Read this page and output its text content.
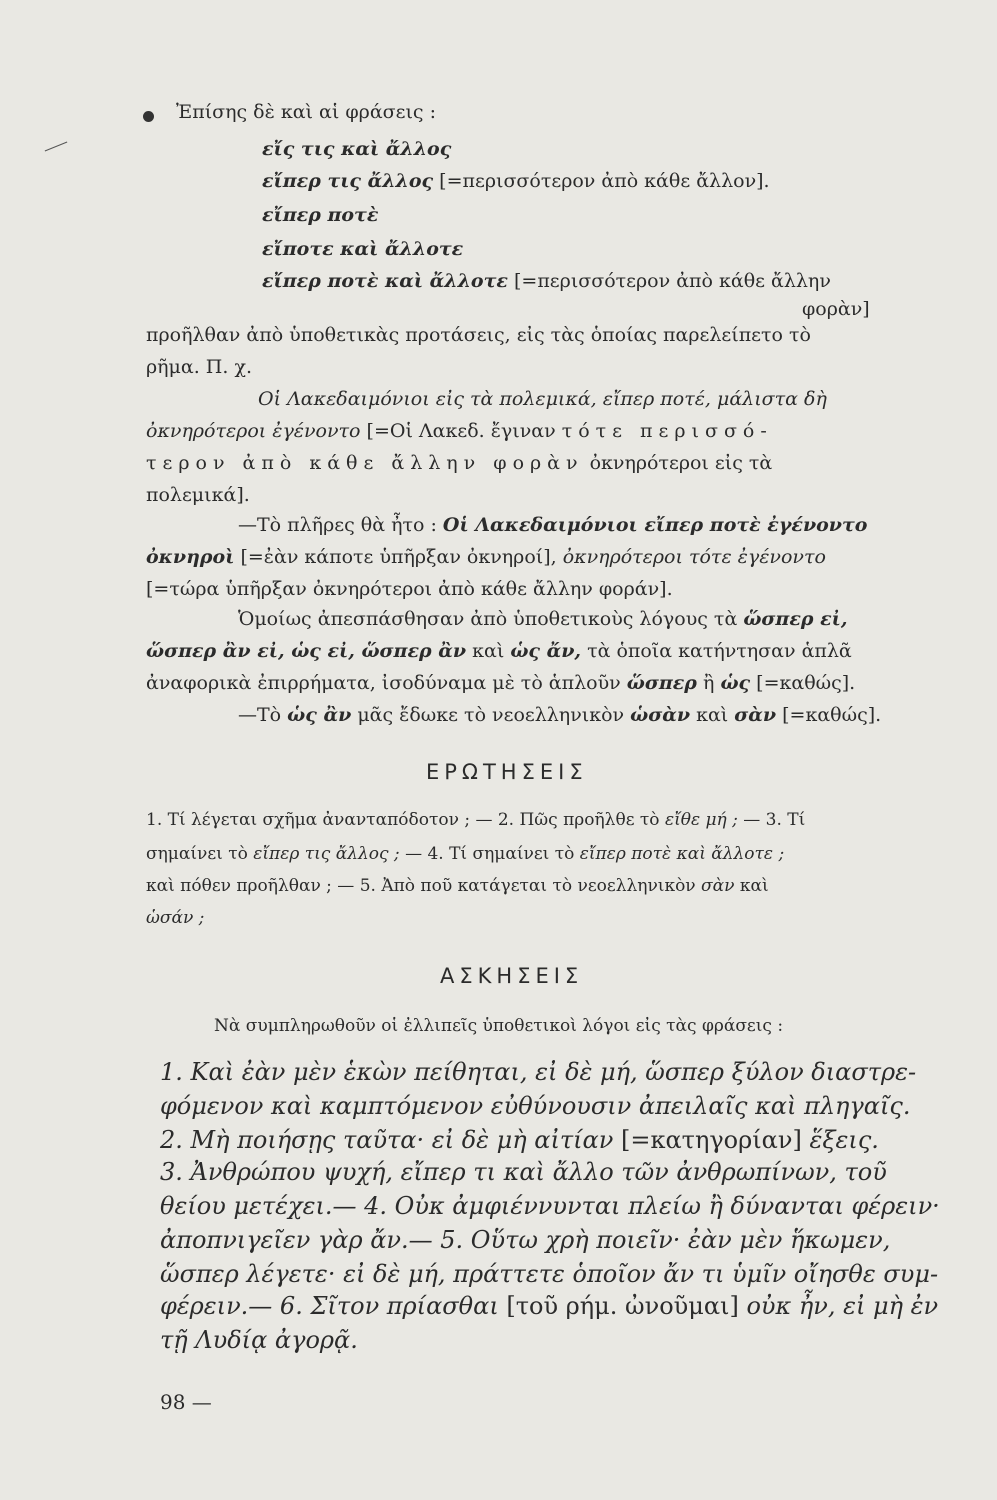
Ἐπίσης δὲ καὶ αἱ φράσεις :
εἴς τις καὶ ἄλλος
εἴπερ τις ἄλλος [=περισσότερον ἀπὸ κάθε ἄλλον].
εἴπερ ποτὲ
εἴποτε καὶ ἄλλοτε
εἴπερ ποτὲ καὶ ἄλλοτε [=περισσότερον ἀπὸ κάθε ἄλλην
φορὰν]
προῆλθαν ἀπὸ ὑποθετικὰς προτάσεις, εἰς τὰς ὁποίας παρελείπετο τὸ
ρῆμα. Π. χ.
Οἱ Λακεδαιμόνιοι εἰς τὰ πολεμικά, εἴπερ ποτέ, μάλιστα δὴ
ὀκνηρότεροι ἐγένοντο [=Οἱ Λακεδ. ἔγιναν τότε περισσό-
τερον ἀπὸ κάθε ἄλλην φορὰν ὀκνηρότεροι εἰς τὰ
πολεμικά].
—Τὸ πλῆρες θὰ ἦτο : Οἱ Λακεδαιμόνιοι εἴπερ ποτὲ ἐγένοντο
ὀκνηροὶ [=ἐὰν κάποτε ὑπῆρξαν ὀκνηροί], ὀκνηρότεροι τότε ἐγένοντο
[=τώρα ὑπῆρξαν ὀκνηρότεροι ἀπὸ κάθε ἄλλην φοράν].
Ὁμοίως ἀπεσπάσθησαν ἀπὸ ὑποθετικοὺς λόγους τὰ ὥσπερ εἰ,
ὥσπερ ἂν εἰ, ὡς εἰ, ὥσπερ ἂν καὶ ὡς ἄν, τὰ ὁποῖα κατήντησαν ἁπλᾶ
ἀναφορικὰ ἐπιρρήματα, ἰσοδύναμα μὲ τὸ ἁπλοῦν ὥσπερ ἢ ὡς [=καθώς].
—Τὸ ὡς ἂν μᾶς ἔδωκε τὸ νεοελληνικὸν ὡσὰν καὶ σὰν [=καθώς].
ΕΡΩΤΗΣΕΙΣ
1. Τί λέγεται σχῆμα ἀνανταπόδοτον ; — 2. Πῶς προῆλθε τὸ εἴθε μή ; — 3. Τί
σημαίνει τὸ εἴπερ τις ἄλλος ; — 4. Τί σημαίνει τὸ εἴπερ ποτὲ καὶ ἄλλοτε ;
καὶ πόθεν προῆλθαν ; — 5. Ἀπὸ ποῦ κατάγεται τὸ νεοελληνικὸν σὰν καὶ
ὡσάν ;
ΑΣΚΗΣΕΙΣ
Νὰ συμπληρωθοῦν οἱ ἐλλιπεῖς ὑποθετικοὶ λόγοι εἰς τὰς φράσεις :
1. Καὶ ἐὰν μὲν ἑκὼν πείθηται, εἰ δὲ μή, ὥσπερ ξύλον διαστρε-
φόμενον καὶ καμπτόμενον εὐθύνουσιν ἀπειλαῖς καὶ πληγαῖς.
2. Μὴ ποιήσῃς ταῦτα· εἰ δὲ μὴ αἰτίαν [=κατηγορίαν] ἕξεις.
3. Ἀνθρώπου ψυχή, εἴπερ τι καὶ ἄλλο τῶν ἀνθρωπίνων, τοῦ
θείου μετέχει.— 4. Οὐκ ἀμφιέννυνται πλείω ἢ δύνανται φέρειν·
ἀποπνιγεῖεν γὰρ ἄν.— 5. Οὕτω χρὴ ποιεῖν· ἐὰν μὲν ἥκωμεν,
ὥσπερ λέγετε· εἰ δὲ μή, πράττετε ὁποῖον ἄν τι ὑμῖν οἴησθε συμ-
φέρειν.— 6. Σῖτον πρίασθαι [τοῦ ρήμ. ὠνοῦμαι] οὐκ ἦν, εἰ μὴ ἐν
τῇ Λυδίᾳ ἀγορᾷ.
98 —
